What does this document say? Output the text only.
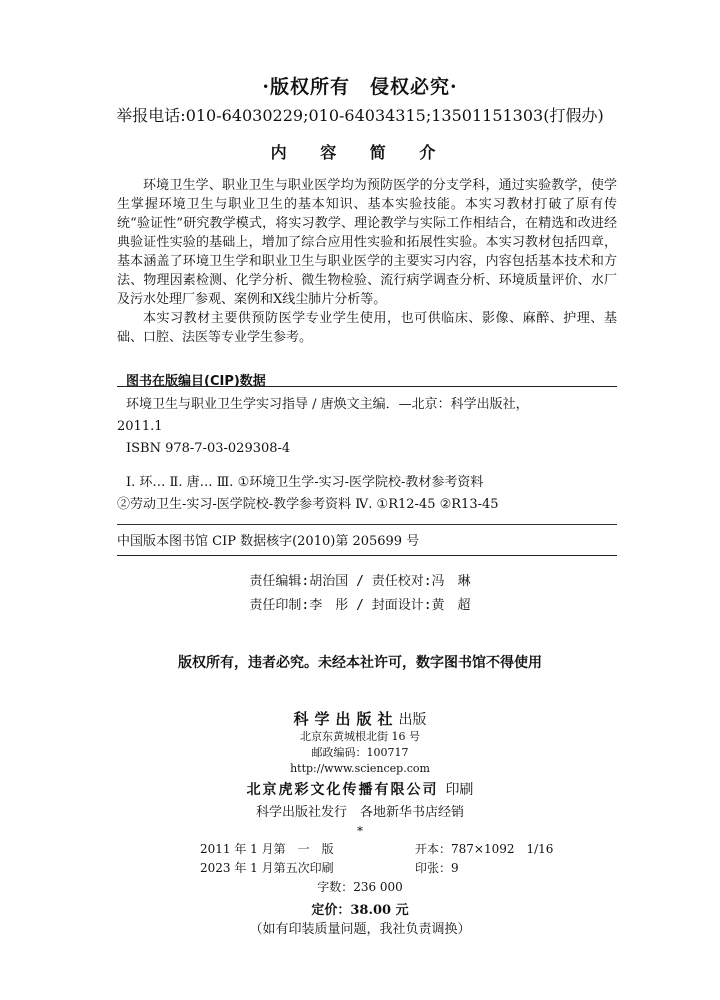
·版权所有　侵权必究·
举报电话:010-64030229;010-64034315;13501151303(打假办)
内 容 简 介

环境卫生学、职业卫生与职业医学均为预防医学的分支学科，通过实验教学，使学生掌握环境卫生与职业卫生的基本知识、基本实验技能。本实习教材打破了原有传统“验证性”研究教学模式，将实习教学、理论教学与实际工作相结合，在精选和改进经典验证性实验的基础上，增加了综合应用性实验和拓展性实验。本实习教材包括四章，基本涵盖了环境卫生学和职业卫生与职业医学的主要实习内容，内容包括基本技术和方法、物理因素检测、化学分析、微生物检验、流行病学调查分析、环境质量评价、水厂及污水处理厂参观、案例和X线尘肺片分析等。

本实习教材主要供预防医学专业学生使用，也可供临床、影像、麻醉、护理、基础、口腔、法医等专业学生参考。

图书在版编目(CIP)数据
环境卫生与职业卫生学实习指导 / 唐焕文主编．—北京：科学出版社，
2011.1
ISBN 978-7-03-029308-4
Ⅰ. 环… Ⅱ. 唐… Ⅲ. ①环境卫生学-实习-医学院校-教材参考资料
②劳动卫生-实习-医学院校-教学参考资料 Ⅳ. ①R12-45 ②R13-45
中国版本图书馆 CIP 数据核字(2010)第 205699 号
责任编辑:胡治国 / 责任校对:冯　琳
责任印制:李　彤 / 封面设计:黄　超
版权所有，违者必究。未经本社许可，数字图书馆不得使用
科学出版社出版
北京东黄城根北街 16 号
邮政编码：100717
http://www.sciencep.com
北京虎彩文化传播有限公司 印刷
科学出版社发行　各地新华书店经销
*
2011 年 1 月第　一　版	开本：787×1092　1/16
2023 年 1 月第五次印刷	印张：9
字数：236 000
定价：38.00 元
（如有印装质量问题，我社负责调换）
